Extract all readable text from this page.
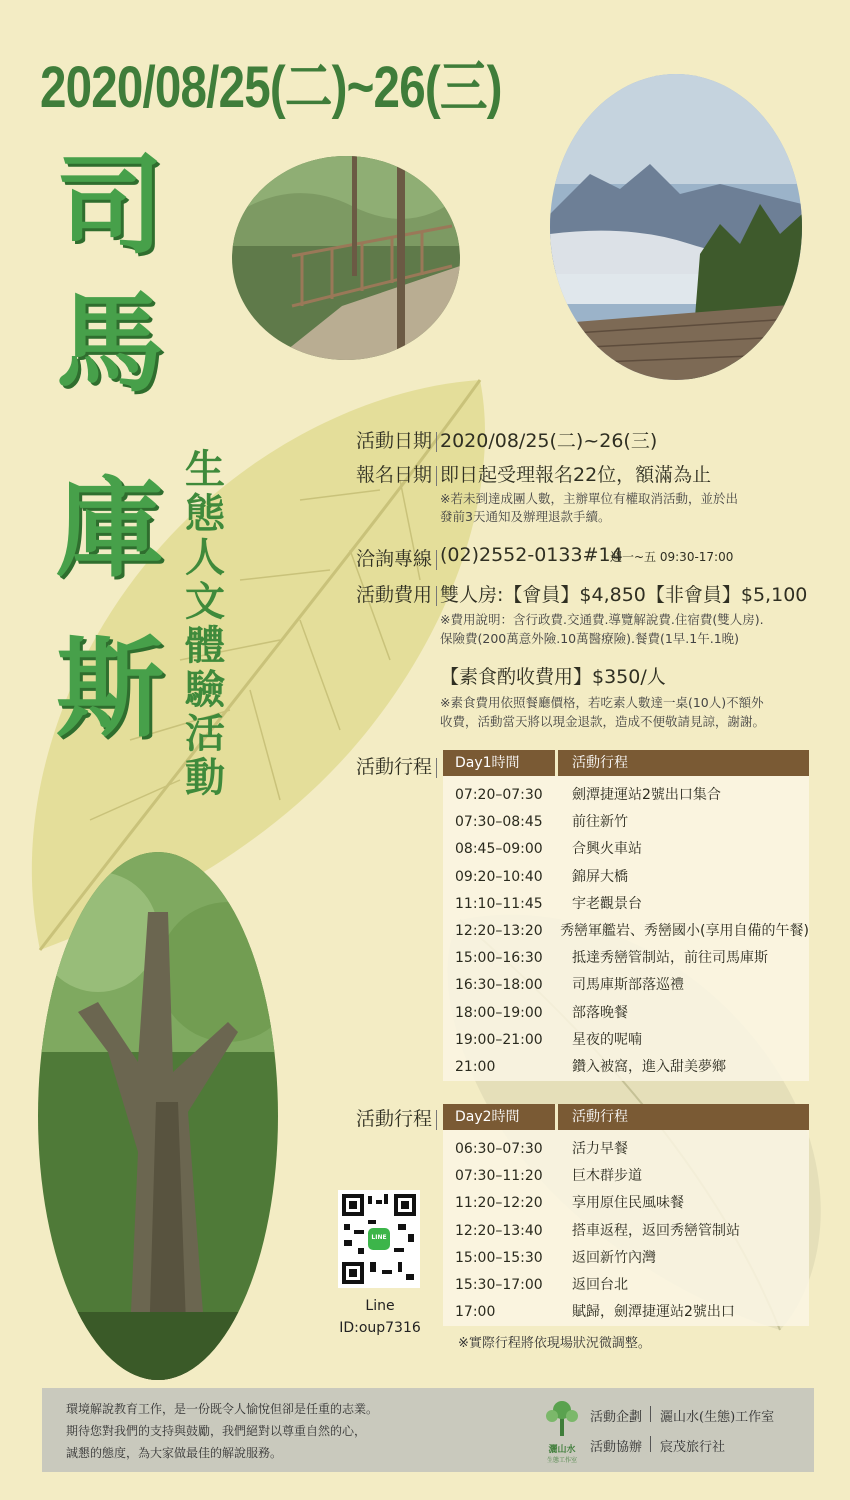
2020/08/25(二)~26(三)
司
馬
庫
斯
生
態
人
文
體
驗
活
動
活動日期 2020/08/25(二)~26(三)
報名日期 即日起受理報名22位，額滿為止
※若未到達成團人數，主辦單位有權取消活動，並於出
發前3天通知及辦理退款手續。
洽詢專線 (02)2552-0133#14
週一~五 09:30-17:00
活動費用 雙人房:【會員】$4,850【非會員】$5,100
※費用說明：含行政費.交通費.導覽解說費.住宿費(雙人房).
保險費(200萬意外險.10萬醫療險).餐費(1早.1午.1晚)
【素食酌收費用】$350/人
※素食費用依照餐廳價格，若吃素人數達一桌(10人)不額外
收費，活動當天將以現金退款，造成不便敬請見諒，謝謝。
活動行程	Day1時間	活動行程
07:20–07:30	劍潭捷運站2號出口集合
07:30–08:45	前往新竹
08:45–09:00	合興火車站
09:20–10:40	錦屏大橋
11:10–11:45	宇老觀景台
12:20–13:20	秀巒軍艦岩、秀巒國小(享用自備的午餐)
15:00–16:30	抵達秀巒管制站，前往司馬庫斯
16:30–18:00	司馬庫斯部落巡禮
18:00–19:00	部落晚餐
19:00–21:00	星夜的呢喃
21:00	鑽入被窩，進入甜美夢鄉
活動行程	Day2時間	活動行程
06:30–07:30	活力早餐
07:30–11:20	巨木群步道
11:20–12:20	享用原住民風味餐
12:20–13:40	搭車返程，返回秀巒管制站
15:00–15:30	返回新竹內灣
15:30–17:00	返回台北
17:00	賦歸，劍潭捷運站2號出口
※實際行程將依現場狀況微調整。
LINE
Line
ID:oup7316
環境解說教育工作，是一份既令人愉悅但卻是任重的志業。
期待您對我們的支持與鼓勵，我們絕對以尊重自然的心，
誠懇的態度，為大家做最佳的解說服務。	灑山水
生態工作室
活動企劃 灑山水(生態)工作室
活動協辦 宸茂旅行社
